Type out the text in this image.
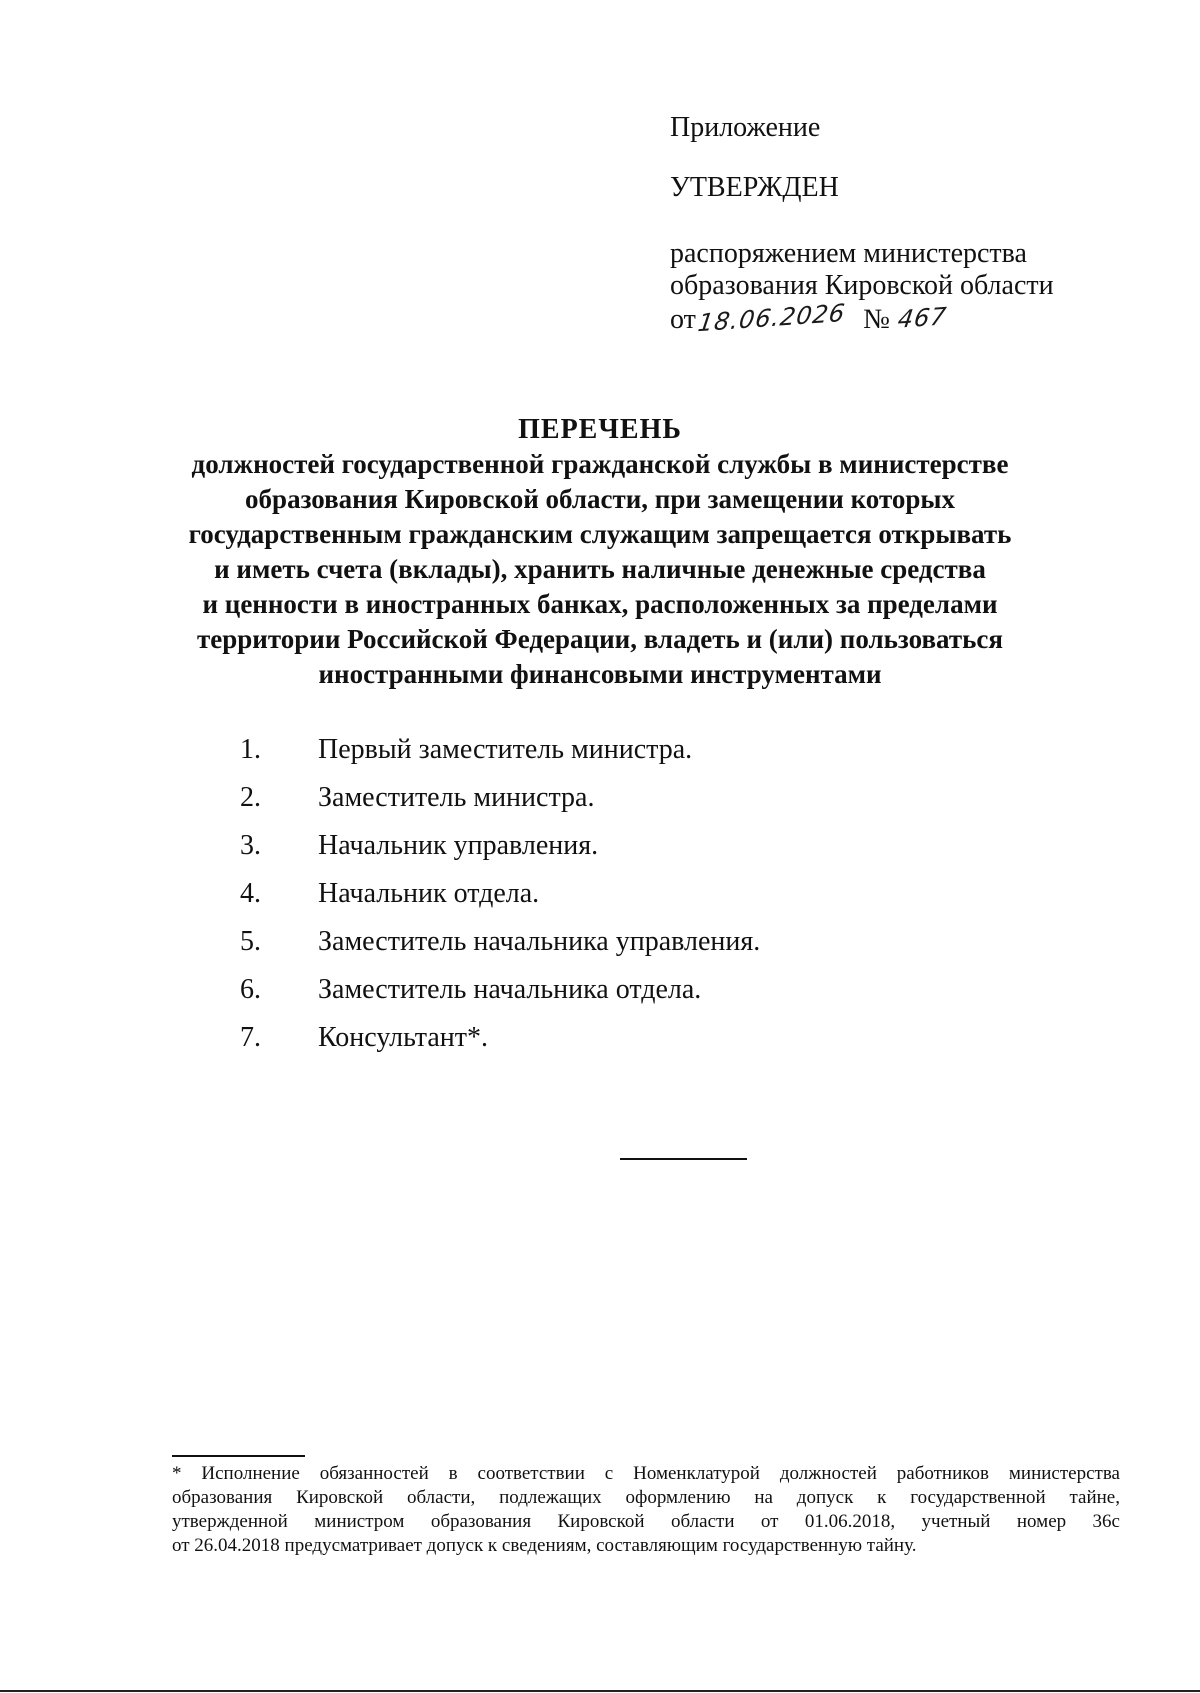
Приложение
УТВЕРЖДЕН
распоряжением министерства
образования Кировской области
от18.06.2026 № 467
ПЕРЕЧЕНЬ
должностей государственной гражданской службы в министерстве
образования Кировской области, при замещении которых
государственным гражданским служащим запрещается открывать
и иметь счета (вклады), хранить наличные денежные средства
и ценности в иностранных банках, расположенных за пределами
территории Российской Федерации, владеть и (или) пользоваться
иностранными финансовыми инструментами
1.	Первый заместитель министра.
2.	Заместитель министра.
3.	Начальник управления.
4.	Начальник отдела.
5.	Заместитель начальника управления.
6.	Заместитель начальника отдела.
7.	Консультант*.
* Исполнение обязанностей в соответствии с Номенклатурой должностей работников министерства
образования Кировской области, подлежащих оформлению на допуск к государственной тайне,
утвержденной министром образования Кировской области от 01.06.2018, учетный номер 36с
от 26.04.2018 предусматривает допуск к сведениям, составляющим государственную тайну.
